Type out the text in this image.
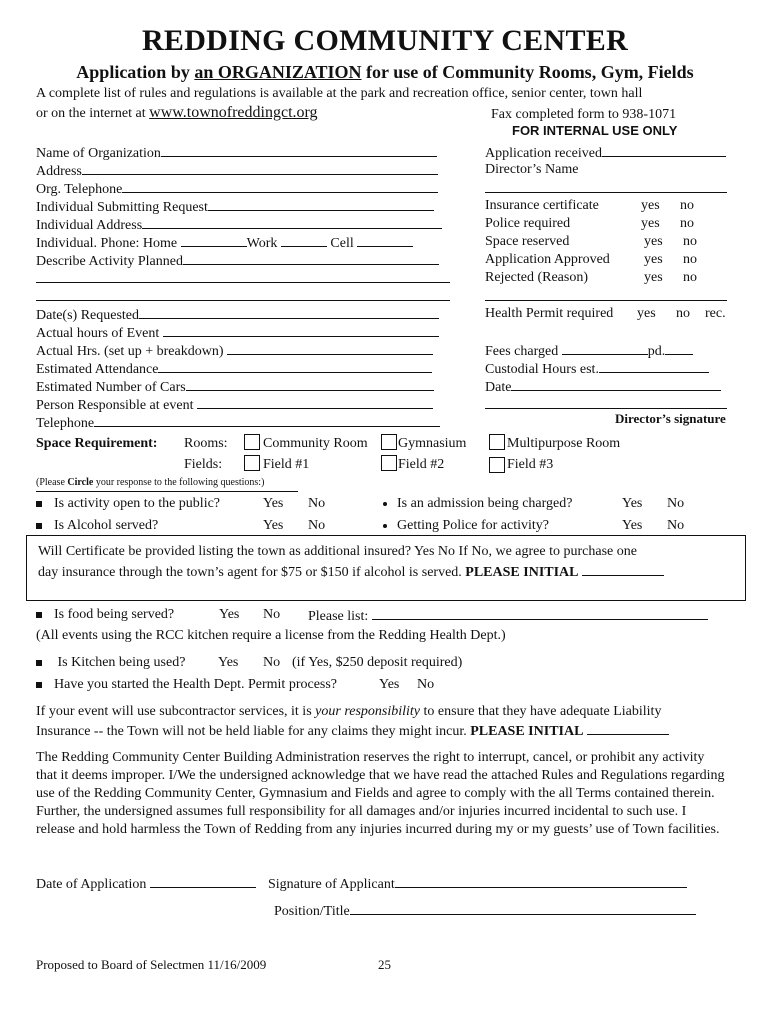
REDDING COMMUNITY CENTER
Application by an ORGANIZATION for use of Community Rooms, Gym, Fields
A complete list of rules and regulations is available at the park and recreation office, senior center, town hall
or on the internet at www.townofreddingct.org	Fax completed form to 938-1071
FOR INTERNAL USE ONLY
Name of Organization
Address
Org. Telephone
Individual Submitting Request
Individual Address
Individual. Phone: Home	Work	Cell
Describe Activity Planned
Date(s) Requested
Actual hours of Event
Actual Hrs. (set up + breakdown)
Estimated Attendance
Estimated Number of Cars
Person Responsible at event
Telephone
Application received
Director’s Name
Insurance certificate	yes no
Police required	yes no
Space reserved	yes no
Application Approved yes no
Rejected (Reason)	yes no
Health Permit required yes no rec.
Fees charged	pd.
Custodial Hours est.
Date
Director’s signature
Space Requirement: Rooms:	Community Room Gymnasium	Multipurpose Room
Fields:	Field #1	Field #2	Field #3
(Please Circle your response to the following questions:)
Is activity open to the public?	Yes No	Is an admission being charged?	Yes No
Is Alcohol served?	Yes No	Getting Police for activity?	Yes No
Will Certificate be provided listing the town as additional insured? Yes No If No, we agree to purchase one
day insurance through the town’s agent for $75 or $150 if alcohol is served. PLEASE INITIAL
Is food being served?	Yes No Please list:
(All events using the RCC kitchen require a license from the Redding Health Dept.)
Is Kitchen being used? Yes No (if Yes, $250 deposit required)
Have you started the Health Dept. Permit process?	Yes No
If your event will use subcontractor services, it is your responsibility to ensure that they have adequate Liability
Insurance -- the Town will not be held liable for any claims they might incur. PLEASE INITIAL
The Redding Community Center Building Administration reserves the right to interrupt, cancel, or prohibit any activity that it deems improper. I/We the undersigned acknowledge that we have read the attached Rules and Regulations regarding use of the Redding Community Center, Gymnasium and Fields and agree to comply with the all Terms contained therein. Further, the undersigned assumes full responsibility for all damages and/or injuries incurred incidental to such use. I release and hold harmless the Town of Redding from any injuries incurred during my or my guests’ use of Town facilities.
Date of Application	Signature of Applicant
Position/Title
Proposed to Board of Selectmen 11/16/2009	25
